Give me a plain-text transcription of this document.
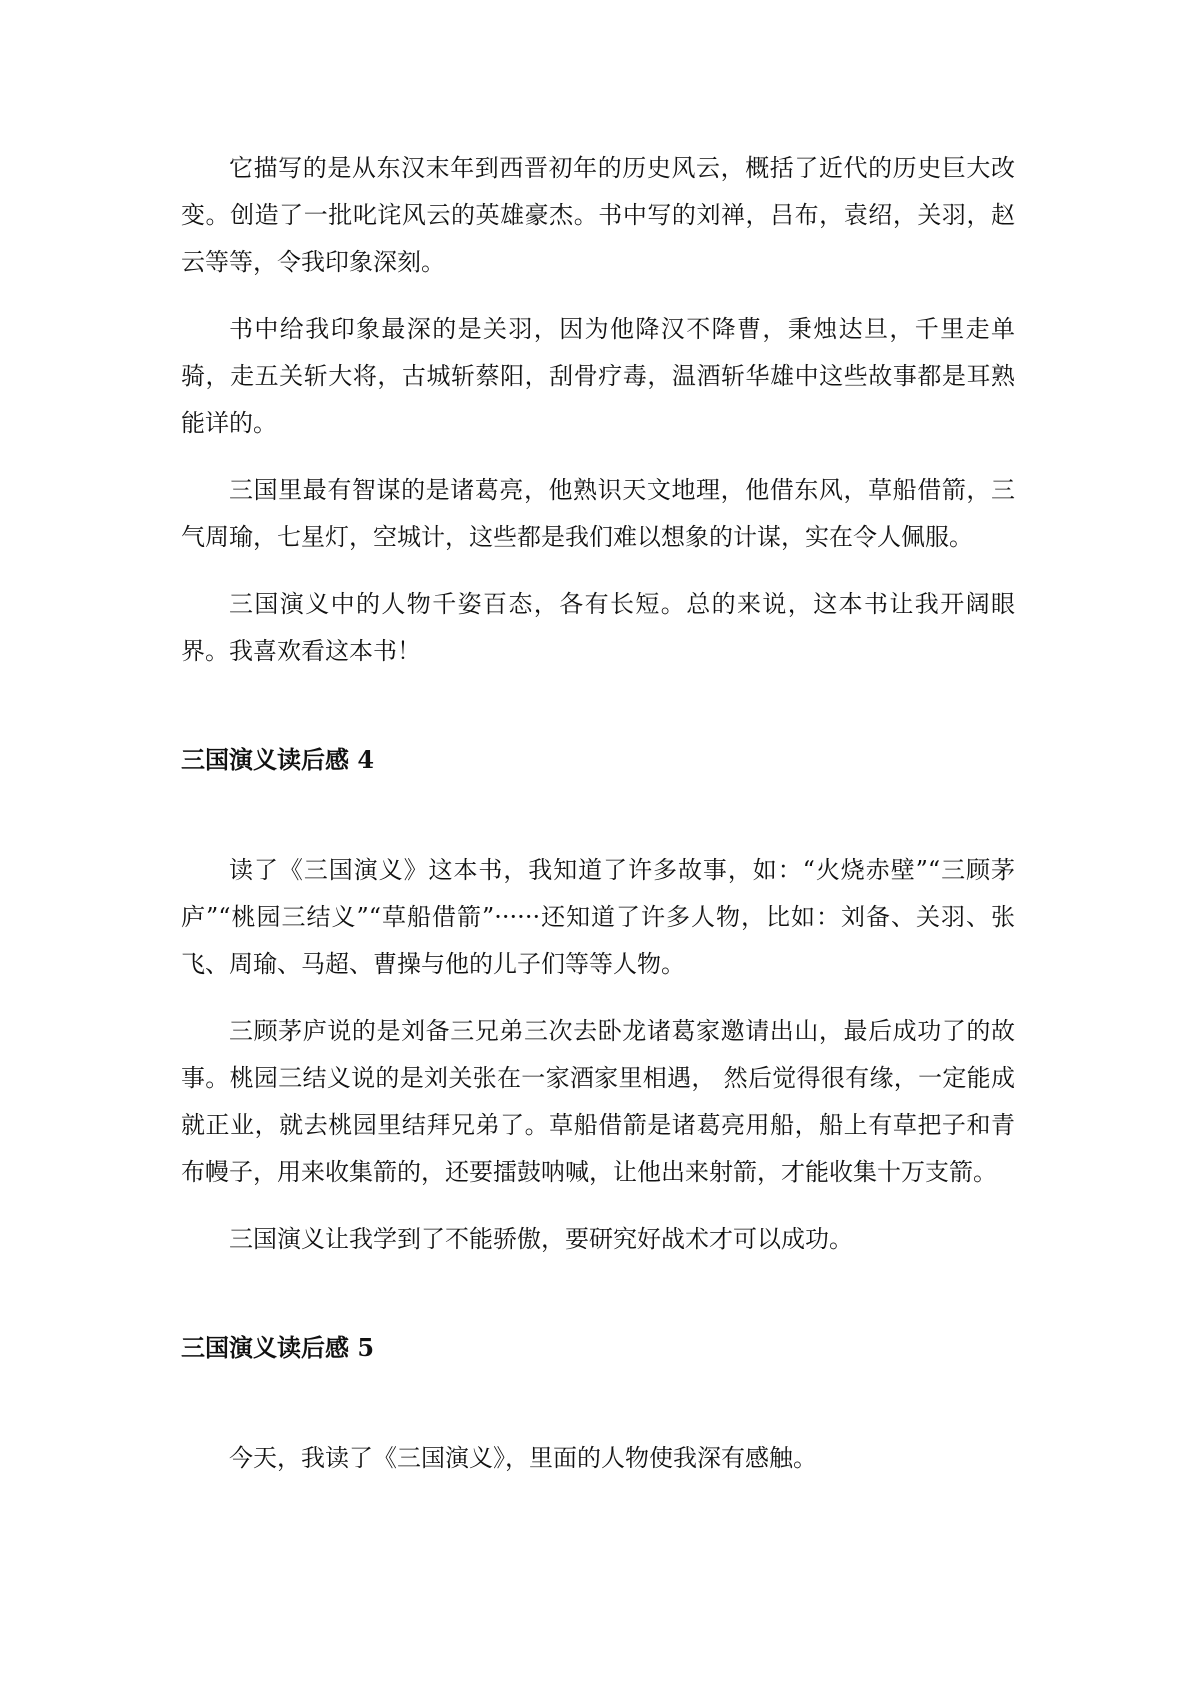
它描写的是从东汉末年到西晋初年的历史风云，概括了近代的历史巨大改变。创造了一批叱诧风云的英雄豪杰。书中写的刘禅，吕布，袁绍，关羽，赵云等等，令我印象深刻。

书中给我印象最深的是关羽，因为他降汉不降曹，秉烛达旦，千里走单骑，走五关斩大将，古城斩蔡阳，刮骨疗毒，温酒斩华雄中这些故事都是耳熟能详的。

三国里最有智谋的是诸葛亮，他熟识天文地理，他借东风，草船借箭，三气周瑜，七星灯，空城计，这些都是我们难以想象的计谋，实在令人佩服。

三国演义中的人物千姿百态，各有长短。总的来说，这本书让我开阔眼界。我喜欢看这本书！

三国演义读后感 4

读了《三国演义》这本书，我知道了许多故事，如：“火烧赤壁”“三顾茅庐”“桃园三结义”“草船借箭”······还知道了许多人物，比如：刘备、关羽、张飞、周瑜、马超、曹操与他的儿子们等等人物。

三顾茅庐说的是刘备三兄弟三次去卧龙诸葛家邀请出山，最后成功了的故事。桃园三结义说的是刘关张在一家酒家里相遇， 然后觉得很有缘，一定能成就正业，就去桃园里结拜兄弟了。草船借箭是诸葛亮用船，船上有草把子和青布幔子，用来收集箭的，还要擂鼓呐喊，让他出来射箭，才能收集十万支箭。

三国演义让我学到了不能骄傲，要研究好战术才可以成功。

三国演义读后感 5

今天，我读了《三国演义》，里面的人物使我深有感触。
